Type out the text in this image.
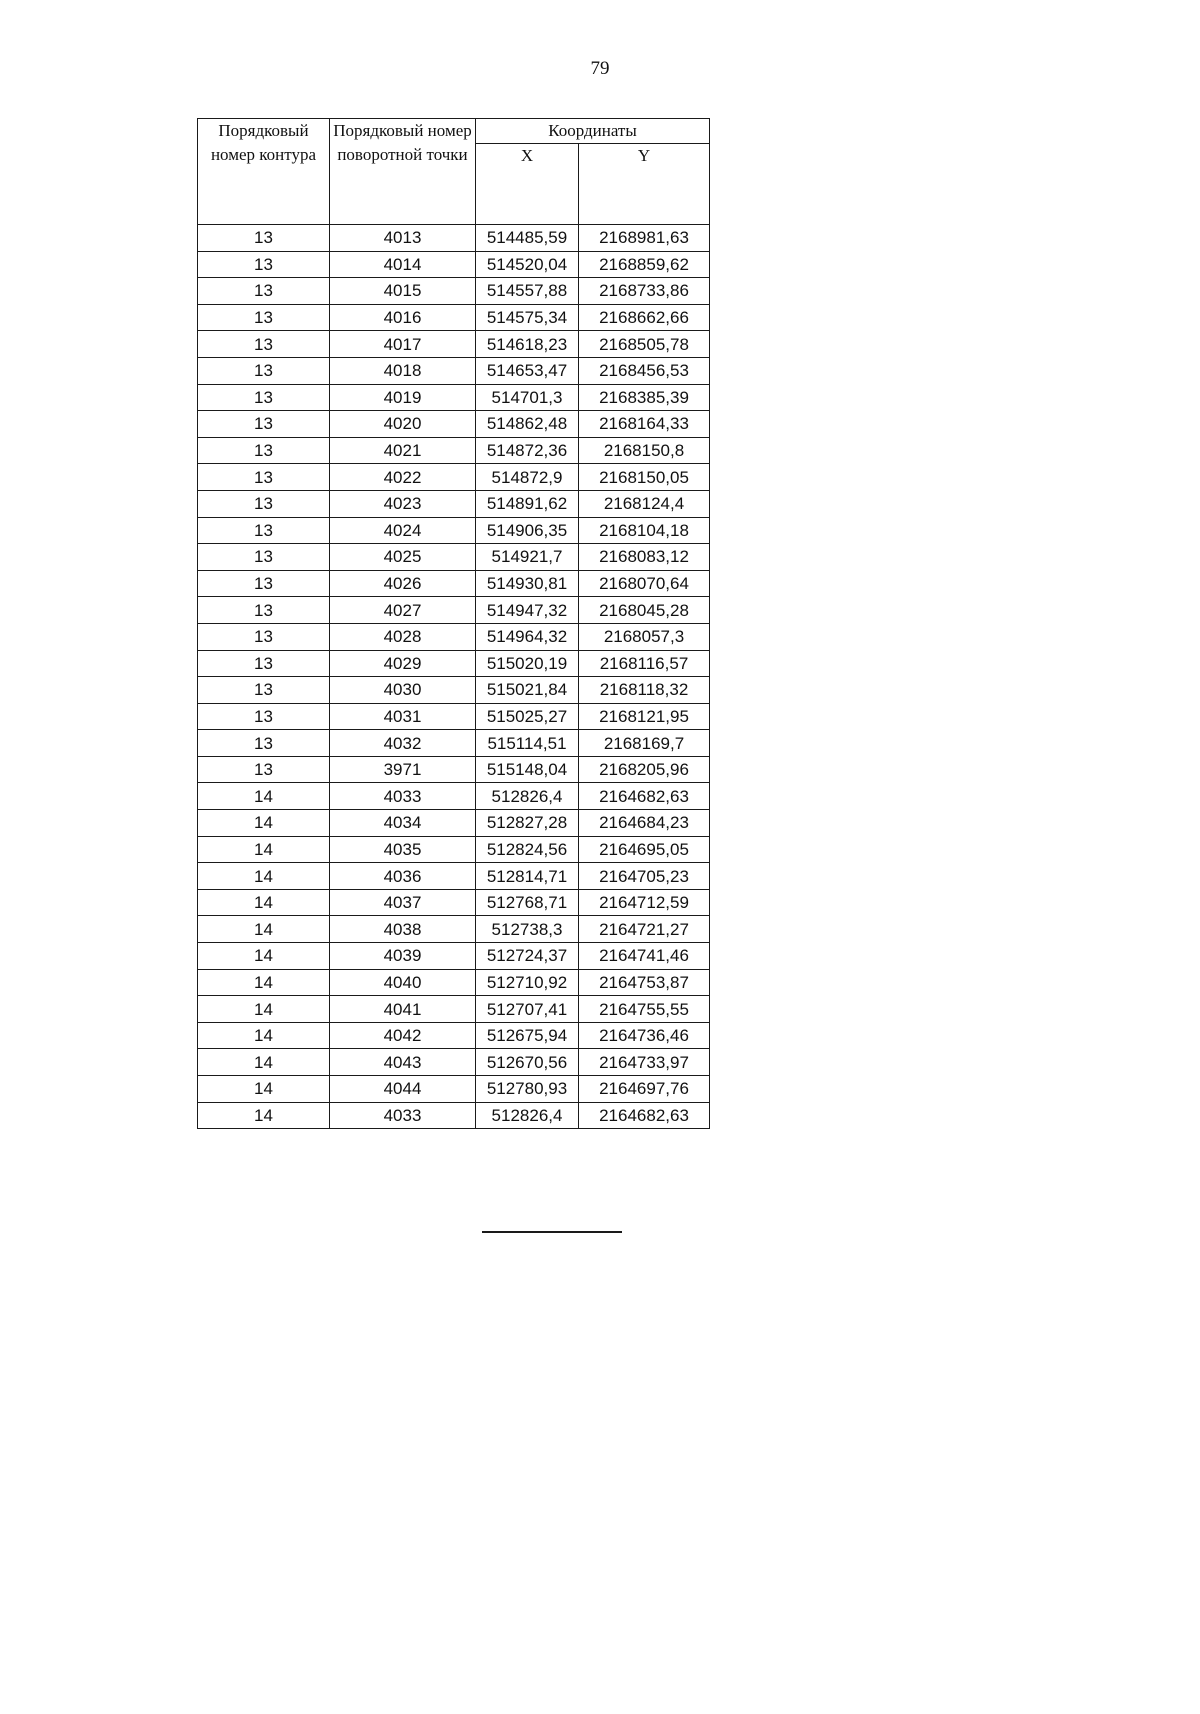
79
Порядковый номер контура	Порядковый номер поворотной точки	Координаты	
		X	Y
13	4013	514485,59	2168981,63
13	4014	514520,04	2168859,62
13	4015	514557,88	2168733,86
13	4016	514575,34	2168662,66
13	4017	514618,23	2168505,78
13	4018	514653,47	2168456,53
13	4019	514701,3	2168385,39
13	4020	514862,48	2168164,33
13	4021	514872,36	2168150,8
13	4022	514872,9	2168150,05
13	4023	514891,62	2168124,4
13	4024	514906,35	2168104,18
13	4025	514921,7	2168083,12
13	4026	514930,81	2168070,64
13	4027	514947,32	2168045,28
13	4028	514964,32	2168057,3
13	4029	515020,19	2168116,57
13	4030	515021,84	2168118,32
13	4031	515025,27	2168121,95
13	4032	515114,51	2168169,7
13	3971	515148,04	2168205,96
14	4033	512826,4	2164682,63
14	4034	512827,28	2164684,23
14	4035	512824,56	2164695,05
14	4036	512814,71	2164705,23
14	4037	512768,71	2164712,59
14	4038	512738,3	2164721,27
14	4039	512724,37	2164741,46
14	4040	512710,92	2164753,87
14	4041	512707,41	2164755,55
14	4042	512675,94	2164736,46
14	4043	512670,56	2164733,97
14	4044	512780,93	2164697,76
14	4033	512826,4	2164682,63
